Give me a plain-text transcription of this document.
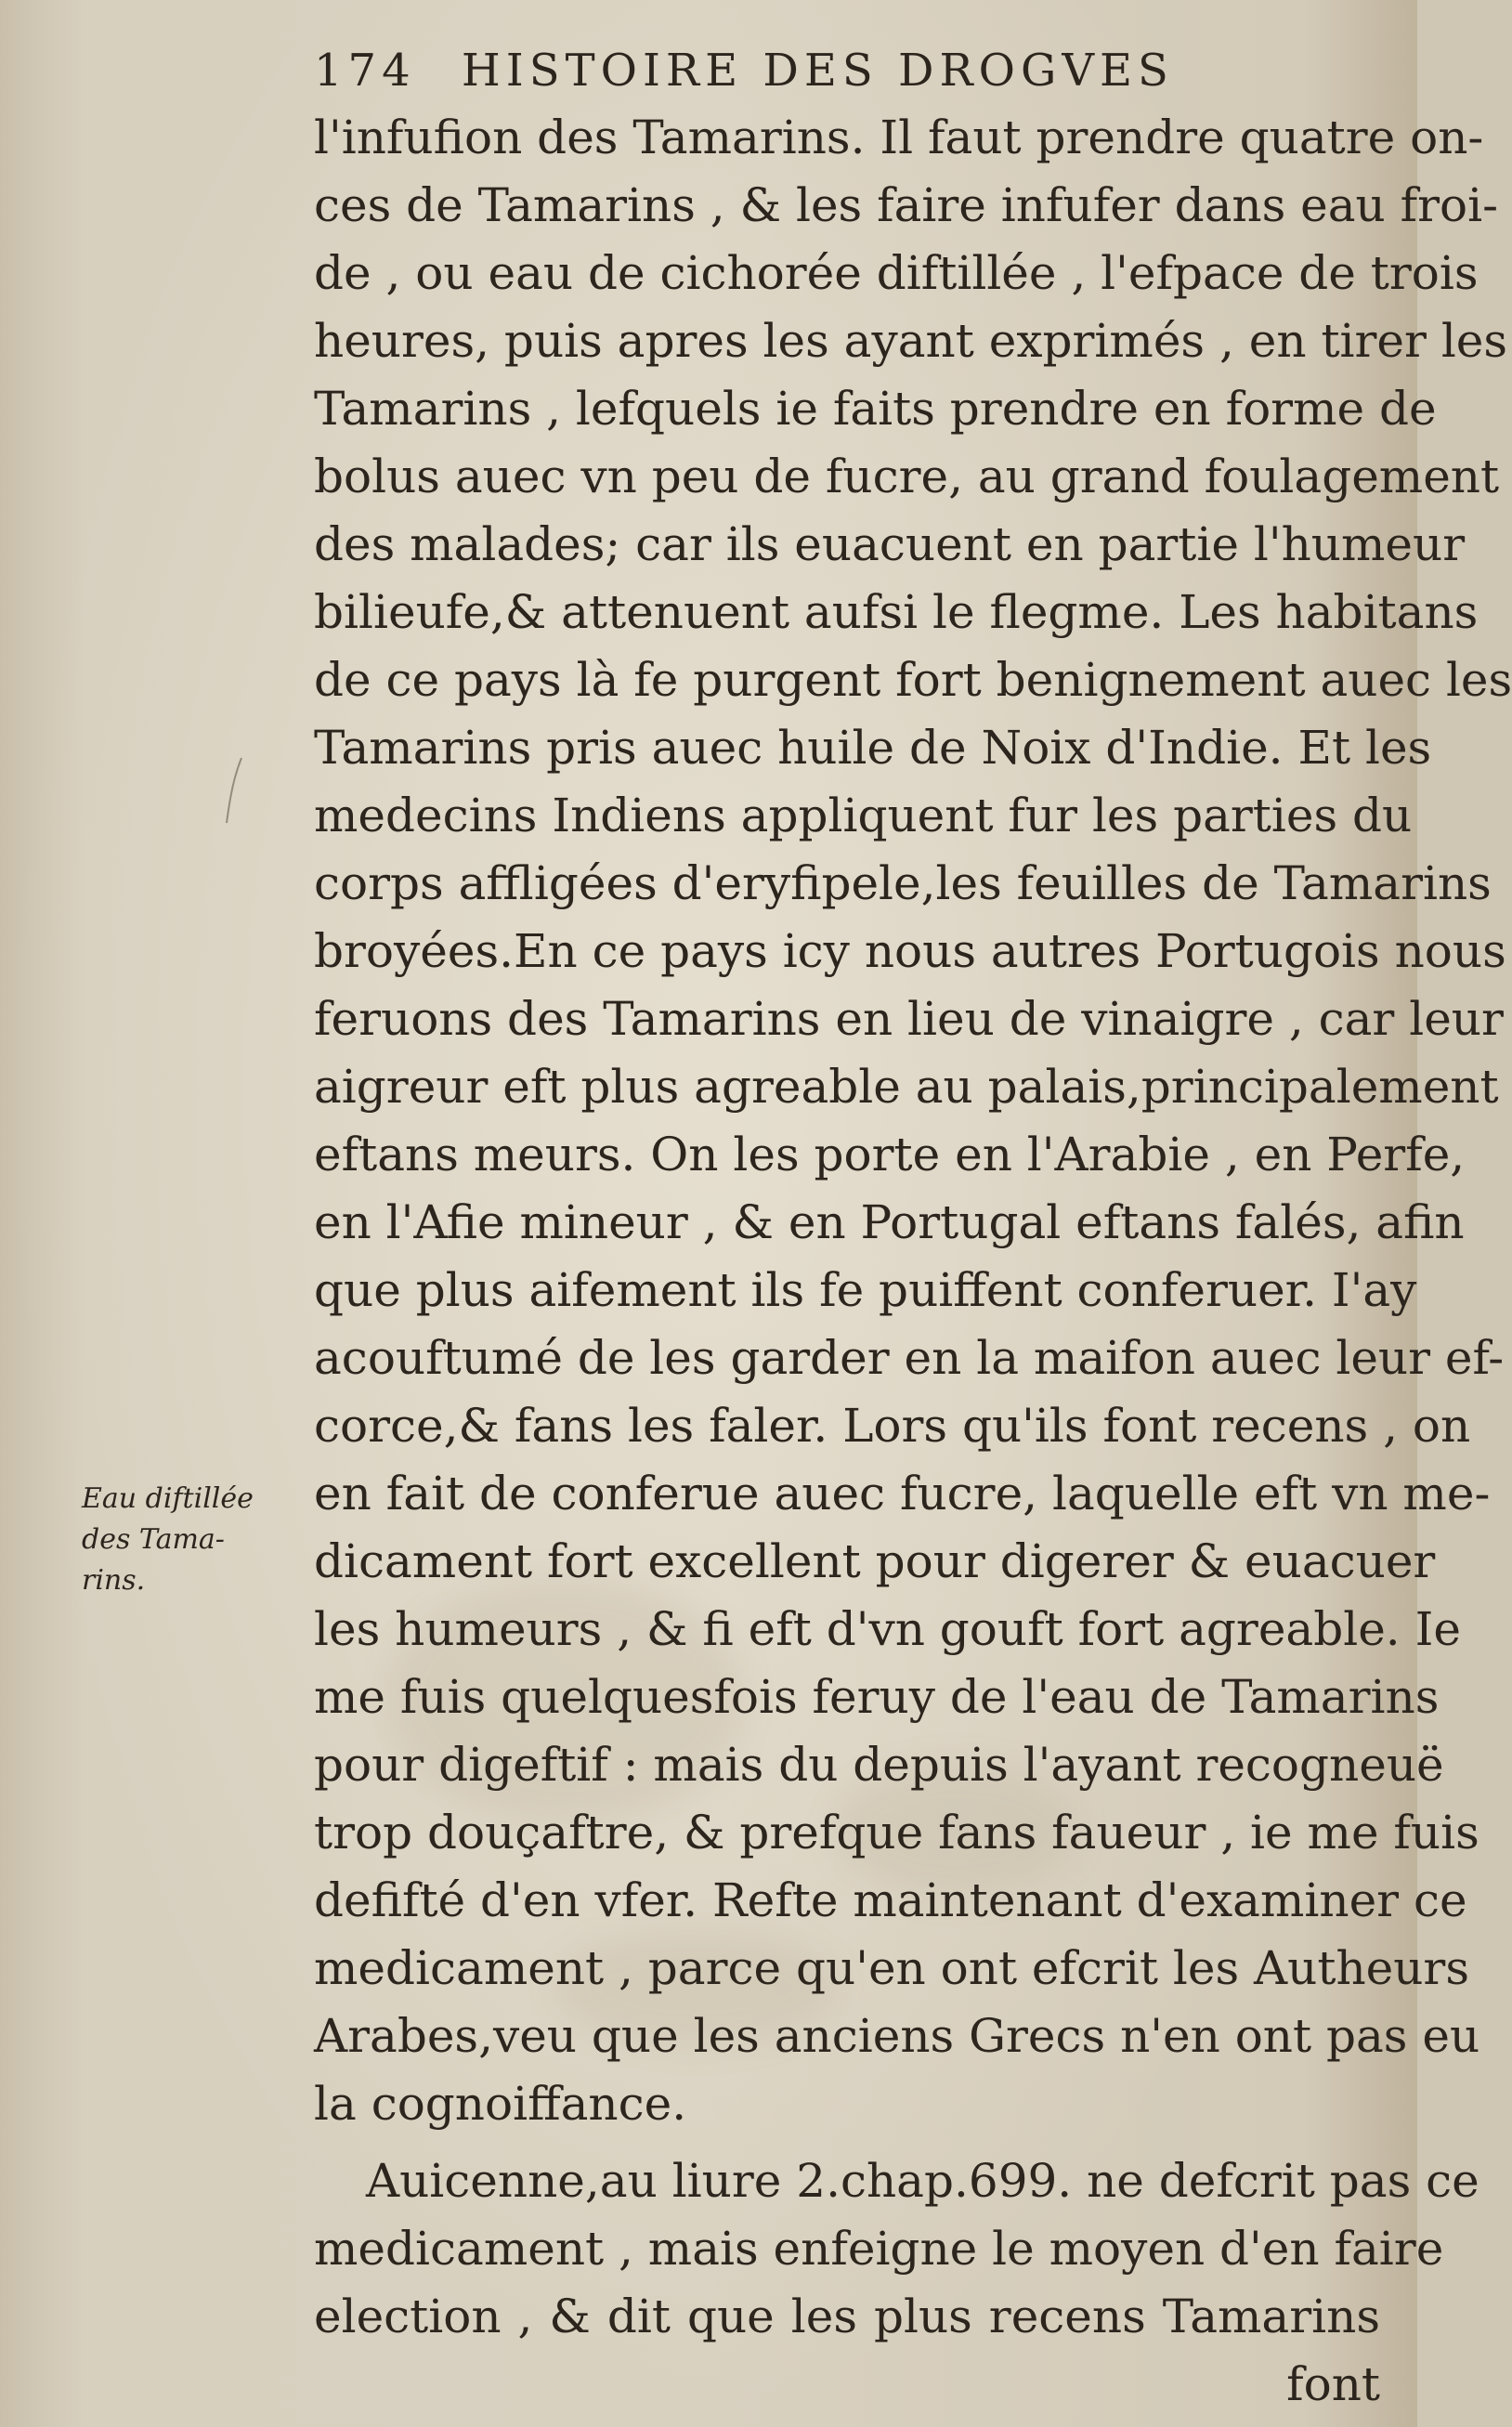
174 HISTOIRE DES DROGVES
l'infufion des Tamarins. Il faut prendre quatre on-
ces de Tamarins , & les faire infufer dans eau froi-
de , ou eau de cichorée diftillée , l'efpace de trois
heures, puis apres les ayant exprimés , en tirer les
Tamarins , lefquels ie faits prendre en forme de
bolus auec vn peu de fucre, au grand foulagement
des malades; car ils euacuent en partie l'humeur
bilieufe,& attenuent aufsi le flegme. Les habitans
de ce pays là fe purgent fort benignement auec les
Tamarins pris auec huile de Noix d'Indie. Et les
medecins Indiens appliquent fur les parties du
corps affligées d'eryfipele,les feuilles de Tamarins
broyées.En ce pays icy nous autres Portugois nous
feruons des Tamarins en lieu de vinaigre , car leur
aigreur eft plus agreable au palais,principalement
eftans meurs. On les porte en l'Arabie , en Perfe,
en l'Afie mineur , & en Portugal eftans falés, afin
que plus aifement ils fe puiffent conferuer. I'ay
acouftumé de les garder en la maifon auec leur ef-
corce,& fans les faler. Lors qu'ils font recens , on
en fait de conferue auec fucre, laquelle eft vn me-
dicament fort excellent pour digerer & euacuer
les humeurs , & fi eft d'vn gouft fort agreable. Ie
me fuis quelquesfois feruy de l'eau de Tamarins
pour digeftif : mais du depuis l'ayant recogneuë
trop douçaftre, & prefque fans faueur , ie me fuis
defifté d'en vfer. Refte maintenant d'examiner ce
medicament , parce qu'en ont efcrit les Autheurs
Arabes,veu que les anciens Grecs n'en ont pas eu
la cognoiffance.
Auicenne,au liure 2.chap.699. ne defcrit pas ce
medicament , mais enfeigne le moyen d'en faire
election , & dit que les plus recens Tamarins
font
Eau diftillée
des Tama-
rins.
